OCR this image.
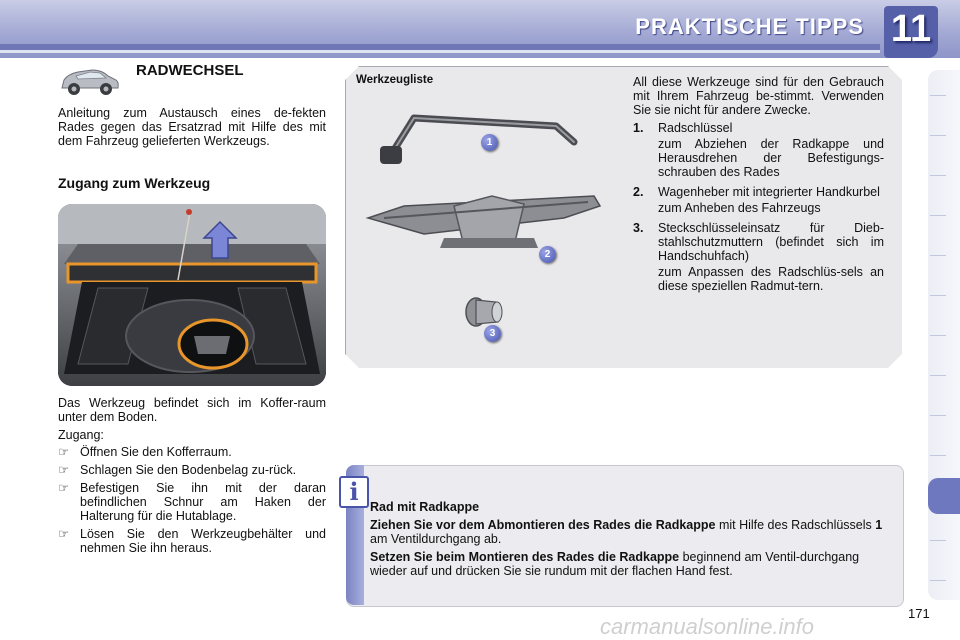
PRAKTISCHE TIPPS 11
RADWECHSEL
Anleitung zum Austausch eines de-fekten Rades gegen das Ersatzrad mit Hilfe des mit dem Fahrzeug gelieferten Werkzeugs.
Zugang zum Werkzeug

Das Werkzeug befindet sich im Koffer-raum unter dem Boden.

Zugang:

☞ Öffnen Sie den Kofferraum.
☞ Schlagen Sie den Bodenbelag zu-rück.
☞ Befestigen Sie ihn mit der daran befindlichen Schnur am Haken der Halterung für die Hutablage.
☞ Lösen Sie den Werkzeugbehälter und nehmen Sie ihn heraus.
Werkzeugliste
1
2
3

All diese Werkzeuge sind für den Gebrauch mit Ihrem Fahrzeug be-stimmt. Verwenden Sie sie nicht für andere Zwecke.

1.	Radschlüssel
zum Abziehen der Radkappe und Herausdrehen der Befestigungs-schrauben des Rades
2.	Wagenheber mit integrierter Handkurbel
zum Anheben des Fahrzeugs
3.	Steckschlüsseleinsatz für Dieb-stahlschutzmuttern (befindet sich im Handschuhfach)
zum Anpassen des Radschlüs-sels an diese speziellen Radmut-tern.
i

Rad mit Radkappe

Ziehen Sie vor dem Abmontieren des Rades die Radkappe mit Hilfe des Radschlüssels 1 am Ventildurchgang ab.

Setzen Sie beim Montieren des Rades die Radkappe beginnend am Ventil-durchgang wieder auf und drücken Sie sie rundum mit der flachen Hand fest.

carmanualsonline.info
171
